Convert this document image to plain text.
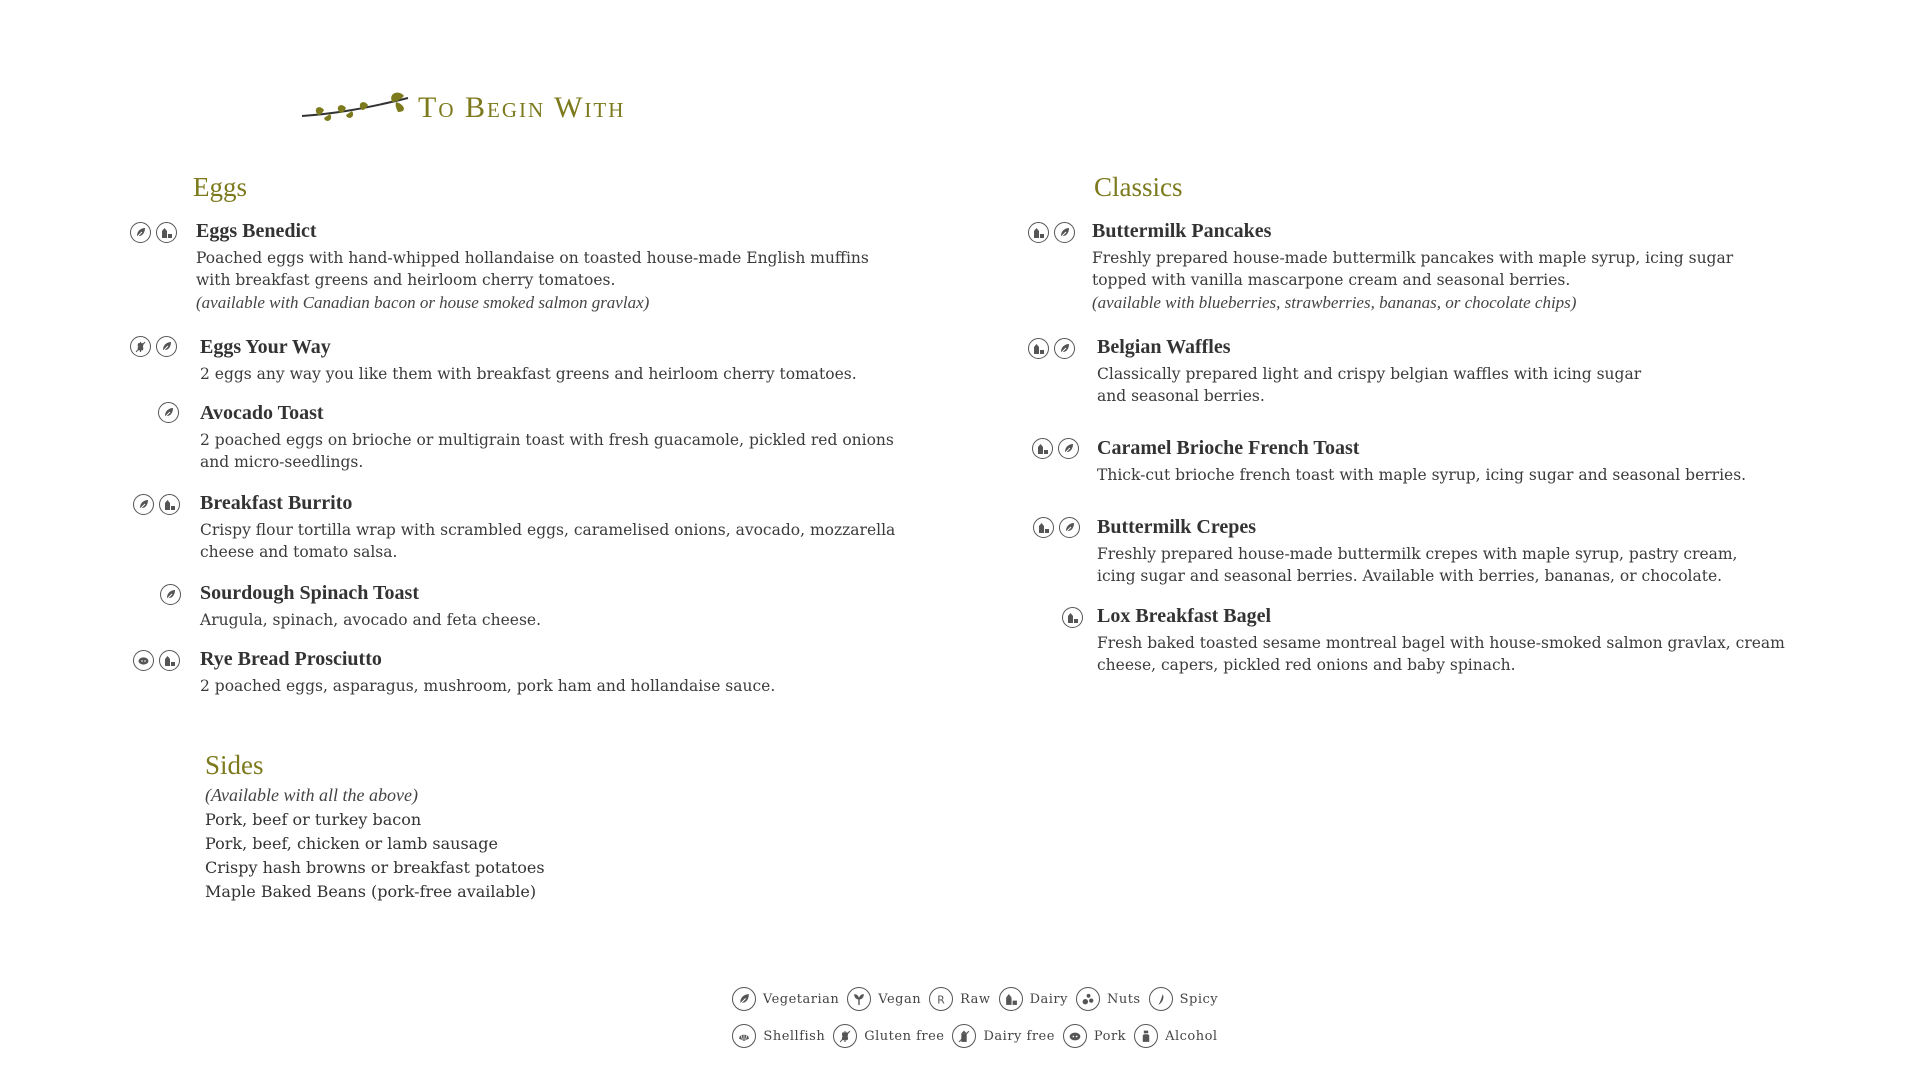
To Begin With
Eggs	Classics
Eggs Benedict
Poached eggs with hand-whipped hollandaise on toasted house-made English muffins with breakfast greens and heirloom cherry tomatoes.
(available with Canadian bacon or house smoked salmon gravlax)
Eggs Your Way
2 eggs any way you like them with breakfast greens and heirloom cherry tomatoes.
Avocado Toast
2 poached eggs on brioche or multigrain toast with fresh guacamole, pickled red onions and micro-seedlings.
Breakfast Burrito
Crispy flour tortilla wrap with scrambled eggs, caramelised onions, avocado, mozzarella cheese and tomato salsa.
Sourdough Spinach Toast
Arugula, spinach, avocado and feta cheese.
Rye Bread Prosciutto
2 poached eggs, asparagus, mushroom, pork ham and hollandaise sauce.
Buttermilk Pancakes
Freshly prepared house-made buttermilk pancakes with maple syrup, icing sugar topped with vanilla mascarpone cream and seasonal berries.
(available with blueberries, strawberries, bananas, or chocolate chips)
Belgian Waffles
Classically prepared light and crispy belgian waffles with icing sugar and seasonal berries.
Caramel Brioche French Toast
Thick-cut brioche french toast with maple syrup, icing sugar and seasonal berries.
Buttermilk Crepes
Freshly prepared house-made buttermilk crepes with maple syrup, pastry cream, icing sugar and seasonal berries. Available with berries, bananas, or chocolate.
Lox Breakfast Bagel
Fresh baked toasted sesame montreal bagel with house-smoked salmon gravlax, cream cheese, capers, pickled red onions and baby spinach.
Sides
(Available with all the above)
Pork, beef or turkey bacon
Pork, beef, chicken or lamb sausage
Crispy hash browns or breakfast potatoes
Maple Baked Beans (pork-free available)
Vegetarian	Vegan R Raw	Dairy	Nuts	Spicy
Shellfish	Gluten free	Dairy free	Pork	Alcohol
